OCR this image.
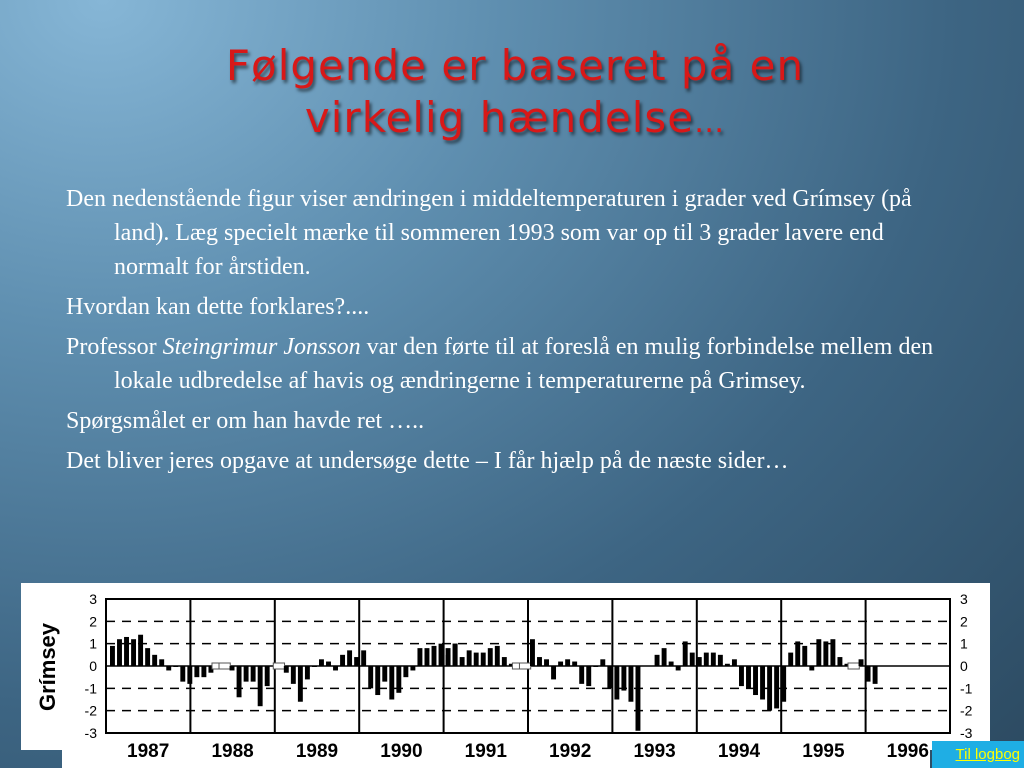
Følgende er baseret på en
virkelig hændelse…

Den nedenstående figur viser ændringen i middeltemperaturen i grader ved Grímsey (på land). Læg specielt mærke til sommeren 1993 som var op til 3 grader lavere end normalt for årstiden.

Hvordan kan dette forklares?....

Professor Steingrimur Jonsson var den førte til at foreslå en mulig forbindelse mellem den lokale udbredelse af havis og ændringerne i temperaturerne på Grimsey.

Spørgsmålet er om han havde ret …..

Det bliver jeres opgave at undersøge dette – I får hjælp på de næste sider…

3	3
2	2
1	1
0	0
-1	-1
-2	-2
-3	-3
1987 1988 1989 1990 1991 1992 1993 1994 1995 1996
Grímsey
Til logbog
